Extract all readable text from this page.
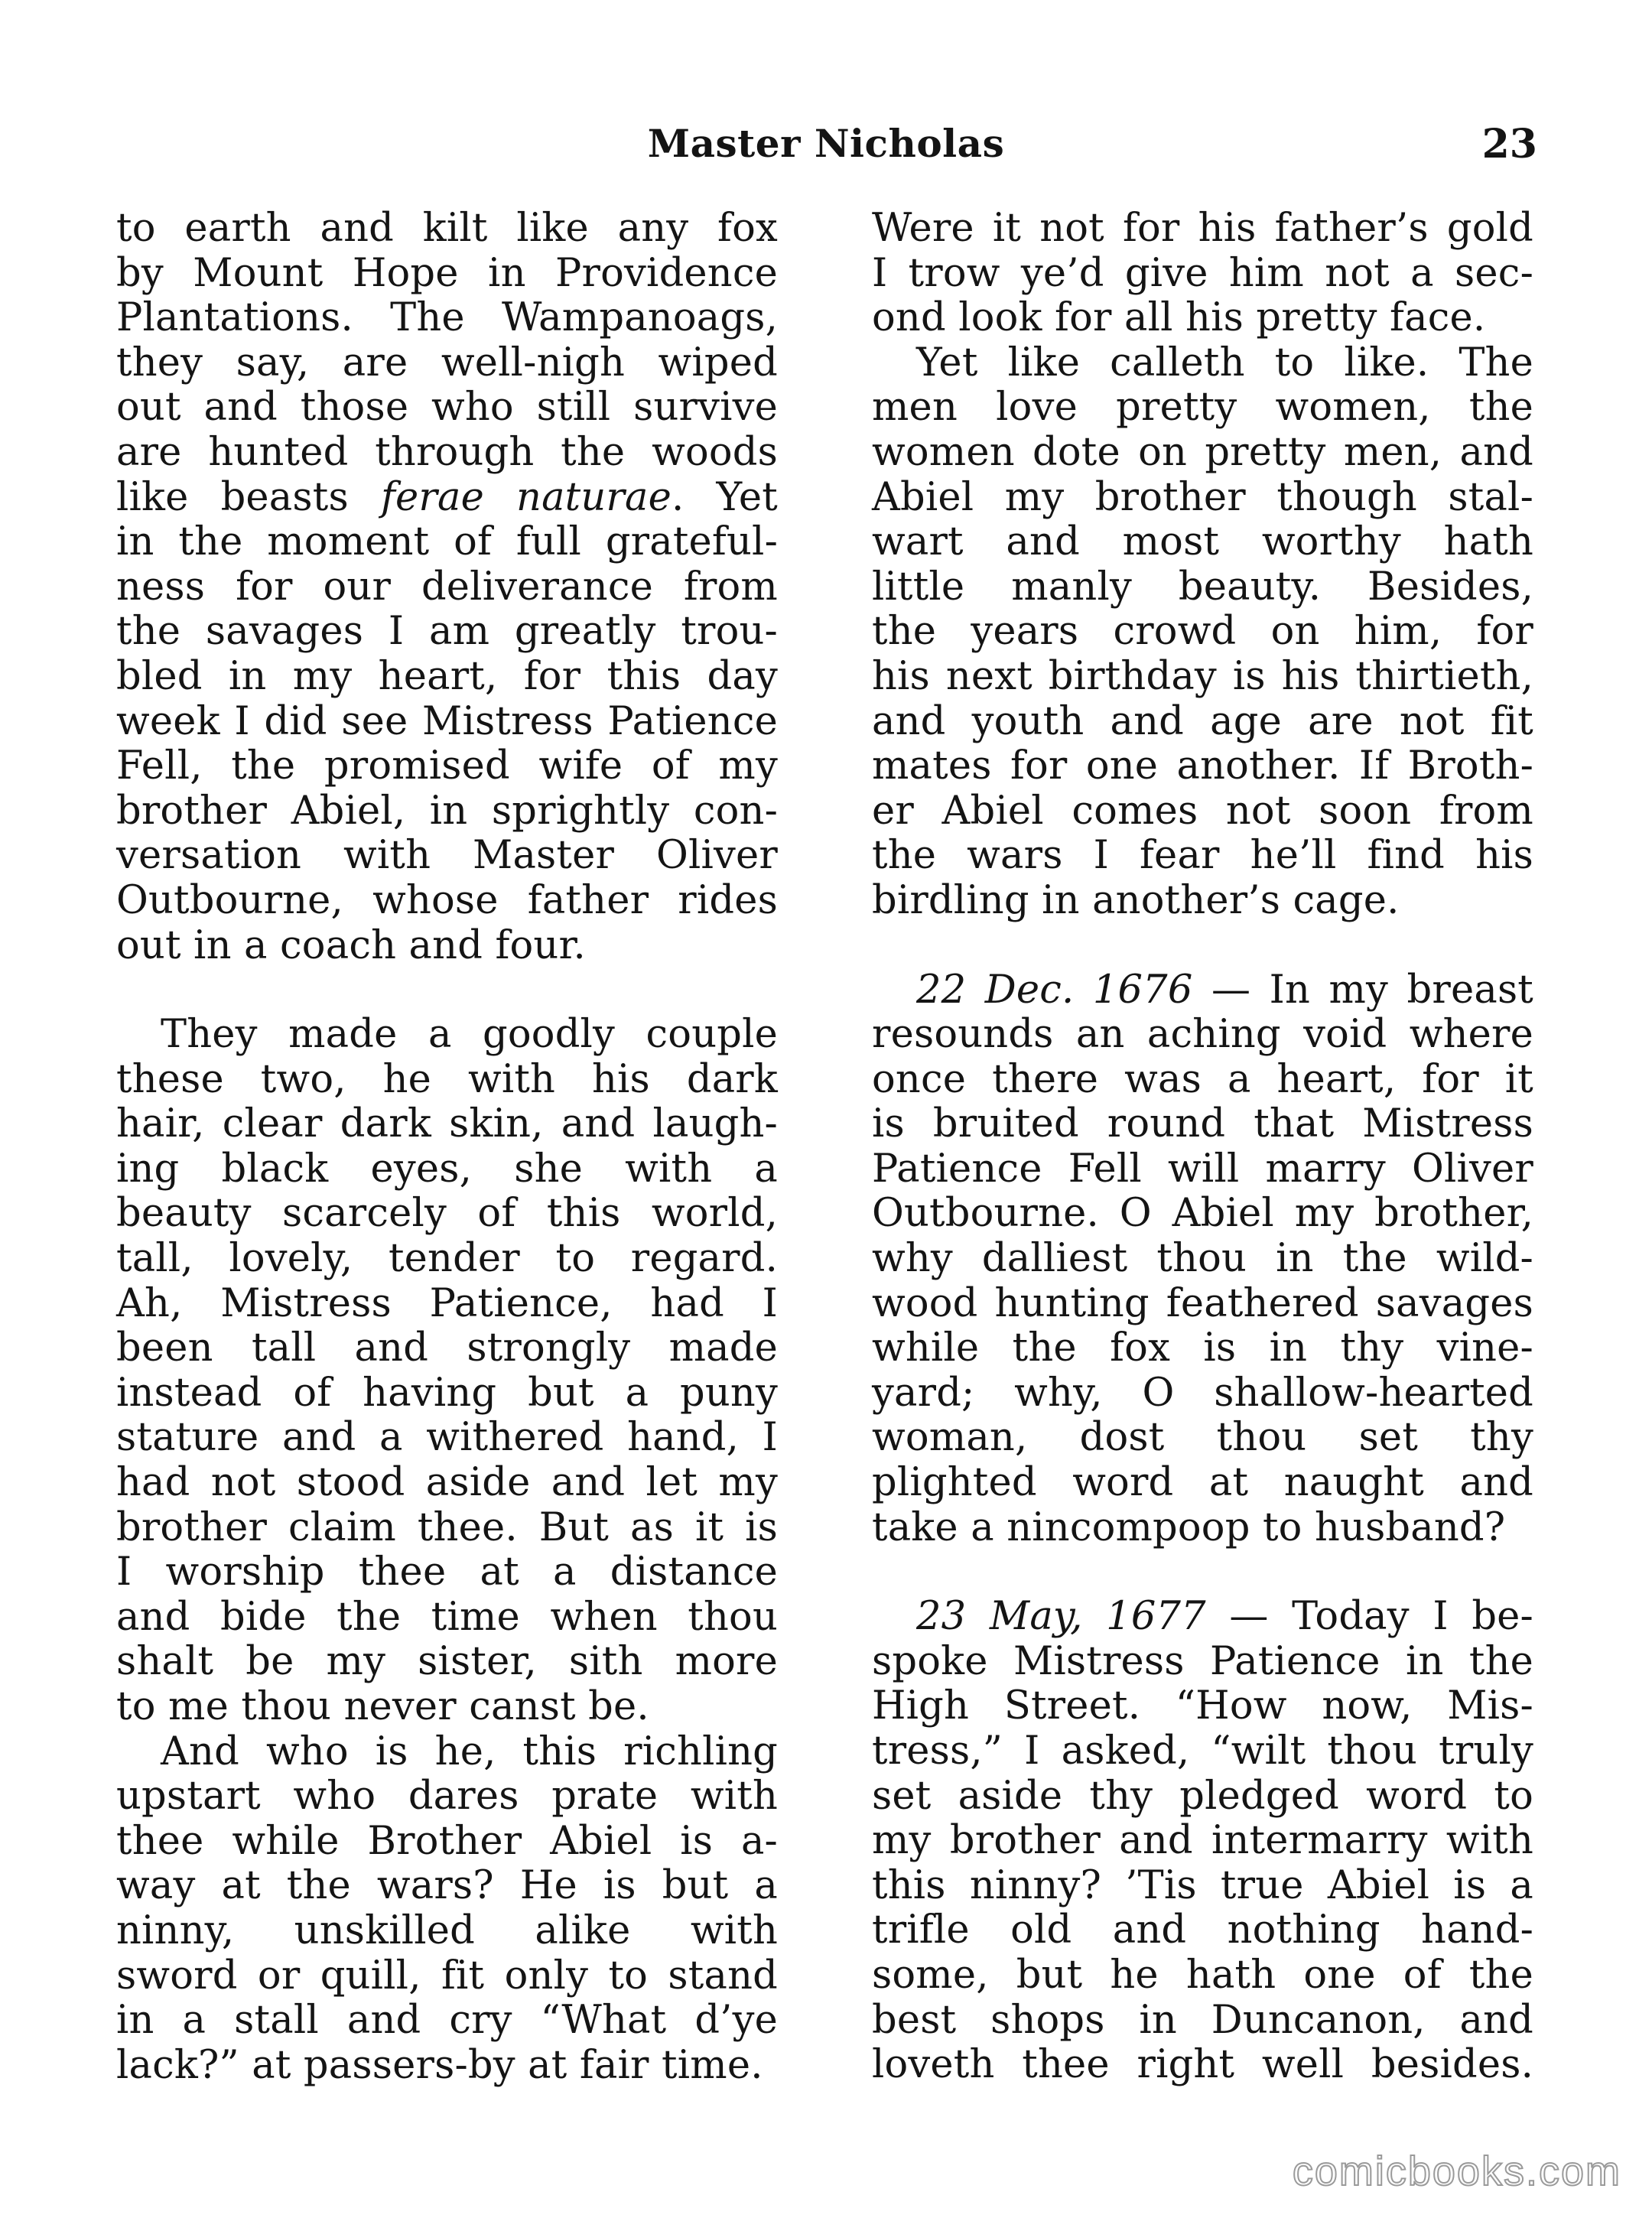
Master Nicholas	23

to earth and kilt like any fox
by Mount Hope in Providence
Plantations. The Wampanoags,
they say, are well-nigh wiped
out and those who still survive
are hunted through the woods
like beasts ferae naturae. Yet
in the moment of full grateful-
ness for our deliverance from
the savages I am greatly trou-
bled in my heart, for this day
week I did see Mistress Patience
Fell, the promised wife of my
brother Abiel, in sprightly con-
versation with Master Oliver
Outbourne, whose father rides
out in a coach and four.

They made a goodly couple
these two, he with his dark
hair, clear dark skin, and laugh-
ing black eyes, she with a
beauty scarcely of this world,
tall, lovely, tender to regard.
Ah, Mistress Patience, had I
been tall and strongly made
instead of having but a puny
stature and a withered hand, I
had not stood aside and let my
brother claim thee. But as it is
I worship thee at a distance
and bide the time when thou
shalt be my sister, sith more
to me thou never canst be.

And who is he, this richling
upstart who dares prate with
thee while Brother Abiel is a-
way at the wars? He is but a
ninny, unskilled alike with
sword or quill, fit only to stand
in a stall and cry “What d’ye
lack?” at passers-by at fair time.

Were it not for his father’s gold
I trow ye’d give him not a sec-
ond look for all his pretty face.

Yet like calleth to like. The
men love pretty women, the
women dote on pretty men, and
Abiel my brother though stal-
wart and most worthy hath
little manly beauty. Besides,
the years crowd on him, for
his next birthday is his thirtieth,
and youth and age are not fit
mates for one another. If Broth-
er Abiel comes not soon from
the wars I fear he’ll find his
birdling in another’s cage.

22 Dec. 1676 — In my breast
resounds an aching void where
once there was a heart, for it
is bruited round that Mistress
Patience Fell will marry Oliver
Outbourne. O Abiel my brother,
why dalliest thou in the wild-
wood hunting feathered savages
while the fox is in thy vine-
yard; why, O shallow-hearted
woman, dost thou set thy
plighted word at naught and
take a nincompoop to husband?

23 May, 1677 — Today I be-
spoke Mistress Patience in the
High Street. “How now, Mis-
tress,” I asked, “wilt thou truly
set aside thy pledged word to
my brother and intermarry with
this ninny? ’Tis true Abiel is a
trifle old and nothing hand-
some, but he hath one of the
best shops in Duncanon, and
loveth thee right well besides.

comicbooks.com
